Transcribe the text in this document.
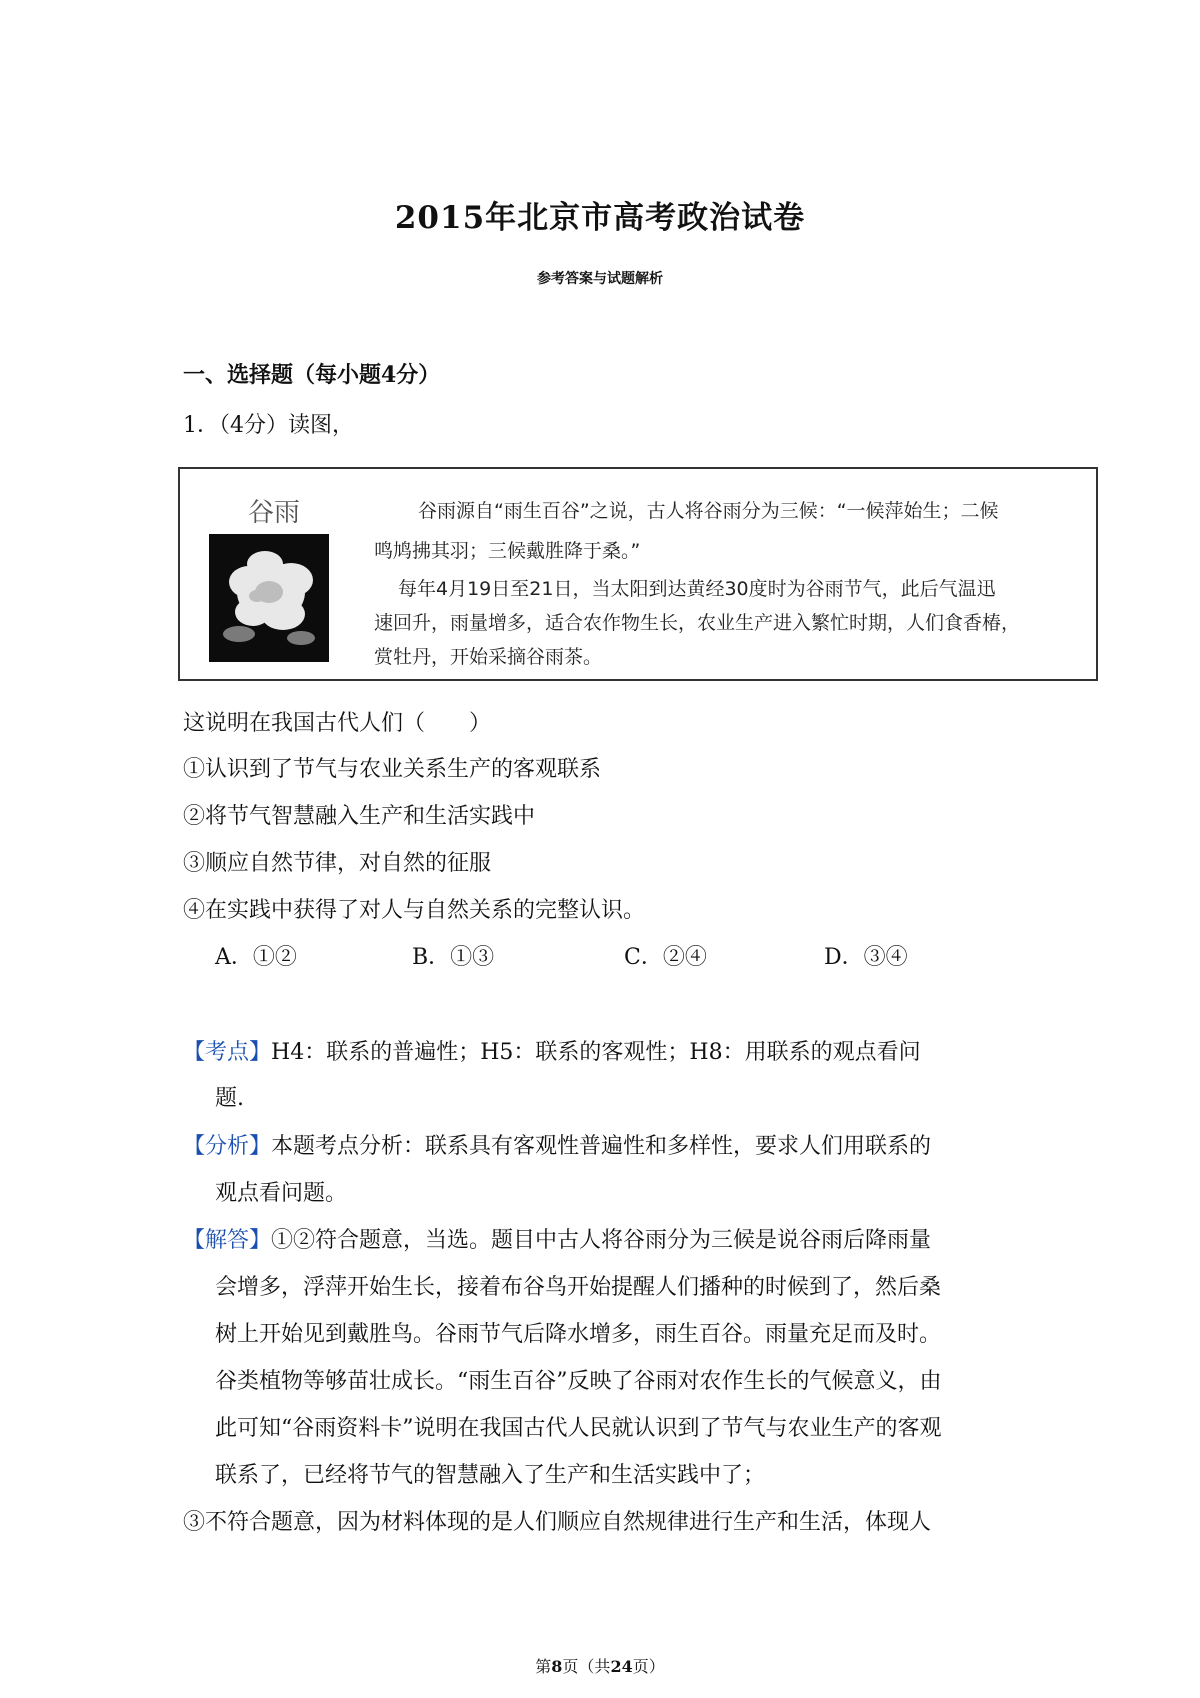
2015年北京市高考政治试卷
参考答案与试题解析
一、选择题（每小题4分）
1．（4分）读图，
谷雨	谷雨源自“雨生百谷”之说，古人将谷雨分为三候：“一候萍始生；二候
鸣鸠拂其羽；三候戴胜降于桑。”
每年4月19日至21日，当太阳到达黄经30度时为谷雨节气，此后气温迅
速回升，雨量增多，适合农作物生长，农业生产进入繁忙时期，人们食香椿，
赏牡丹，开始采摘谷雨茶。
这说明在我国古代人们（　　）
①认识到了节气与农业关系生产的客观联系
②将节气智慧融入生产和生活实践中
③顺应自然节律，对自然的征服
④在实践中获得了对人与自然关系的完整认识。
A．①②	B．①③	C．②④	D．③④
【考点】H4：联系的普遍性；H5：联系的客观性；H8：用联系的观点看问
题.
【分析】本题考点分析：联系具有客观性普遍性和多样性，要求人们用联系的
观点看问题。
【解答】①②符合题意，当选。题目中古人将谷雨分为三候是说谷雨后降雨量
会增多，浮萍开始生长，接着布谷鸟开始提醒人们播种的时候到了，然后桑
树上开始见到戴胜鸟。谷雨节气后降水增多，雨生百谷。雨量充足而及时。
谷类植物等够苗壮成长。“雨生百谷”反映了谷雨对农作生长的气候意义，由
此可知“谷雨资料卡”说明在我国古代人民就认识到了节气与农业生产的客观
联系了，已经将节气的智慧融入了生产和生活实践中了；
③不符合题意，因为材料体现的是人们顺应自然规律进行生产和生活，体现人
第8页（共24页）
